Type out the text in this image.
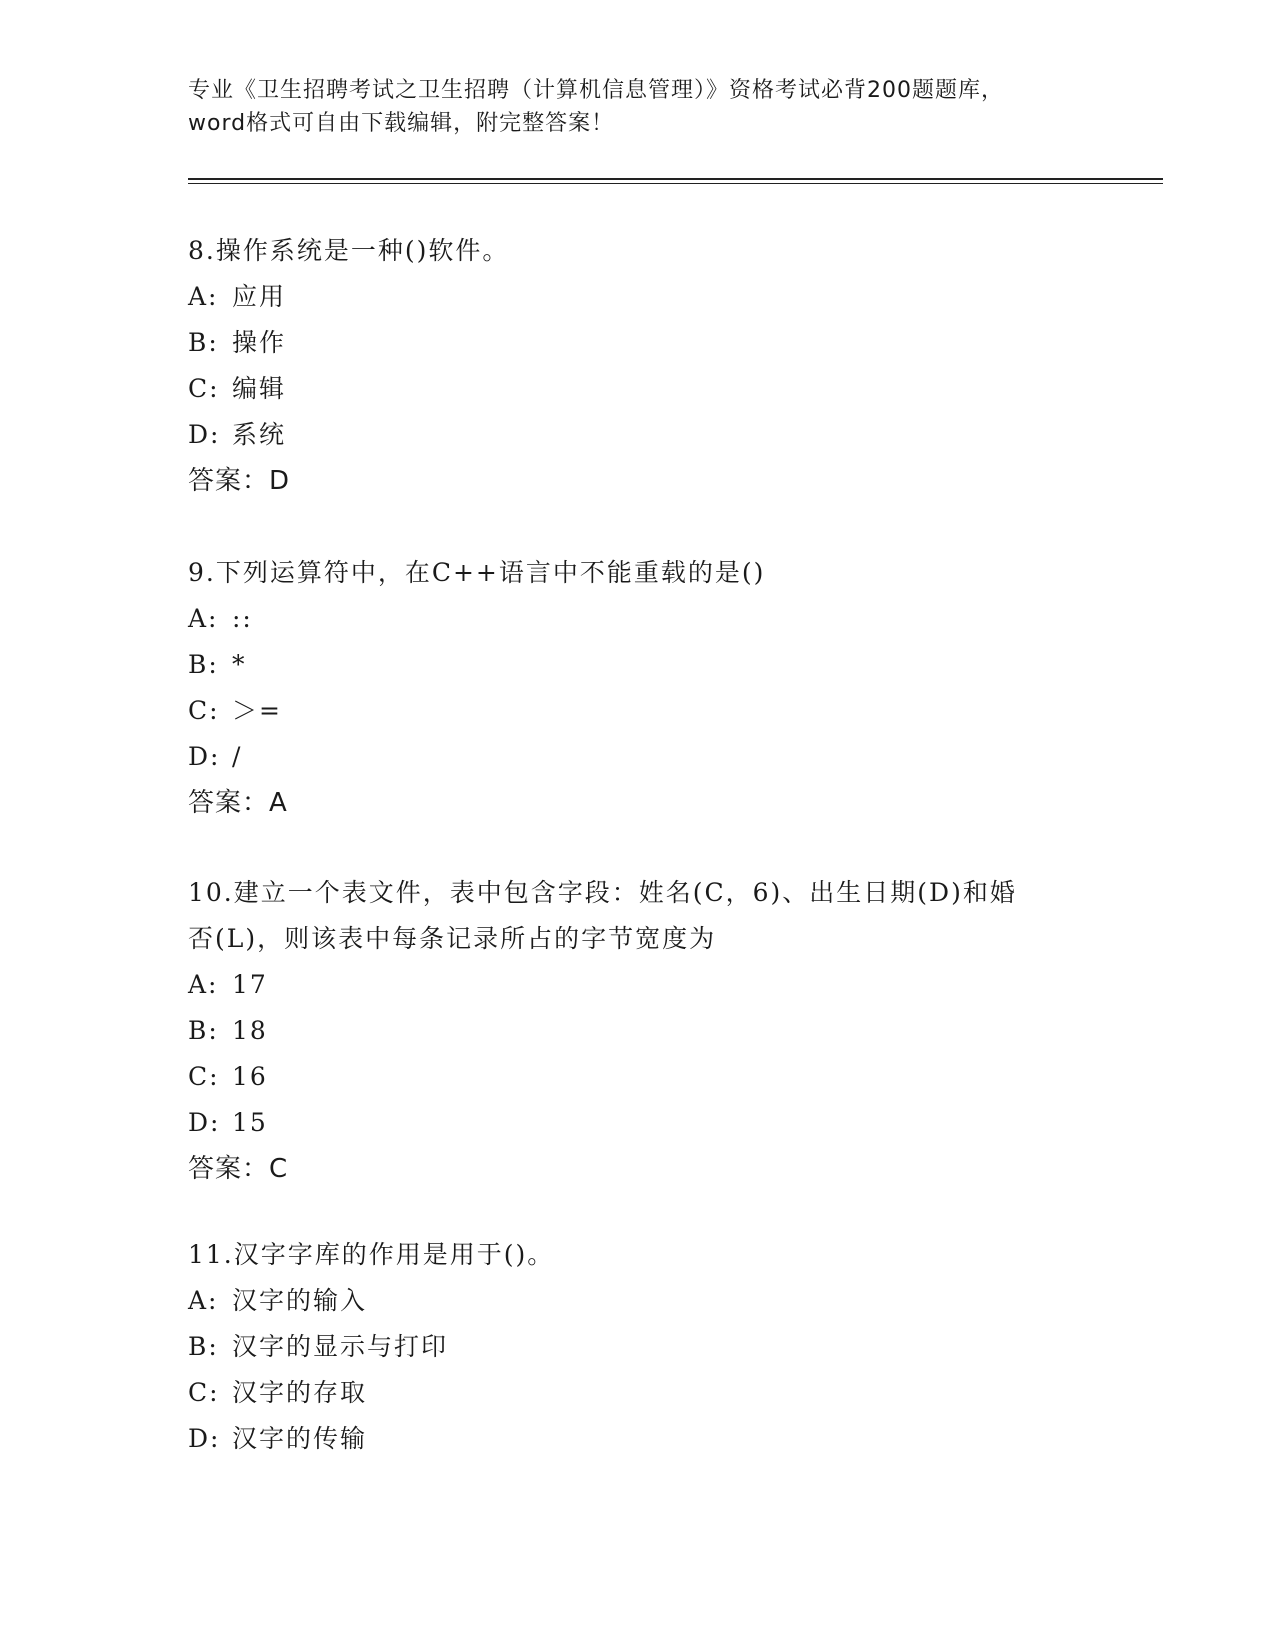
专业《卫生招聘考试之卫生招聘（计算机信息管理）》资格考试必背200题题库，
word格式可自由下载编辑，附完整答案！
8.操作系统是一种()软件。
A: 应用
B: 操作
C: 编辑
D: 系统
答案：D
9.下列运算符中，在C++语言中不能重载的是()
A: ::
B: *
C: ＞=
D: /
答案：A
10.建立一个表文件，表中包含字段：姓名(C，6)、出生日期(D)和婚
否(L)，则该表中每条记录所占的字节宽度为
A: 17
B: 18
C: 16
D: 15
答案：C
11.汉字字库的作用是用于()。
A: 汉字的输入
B: 汉字的显示与打印
C: 汉字的存取
D: 汉字的传输
